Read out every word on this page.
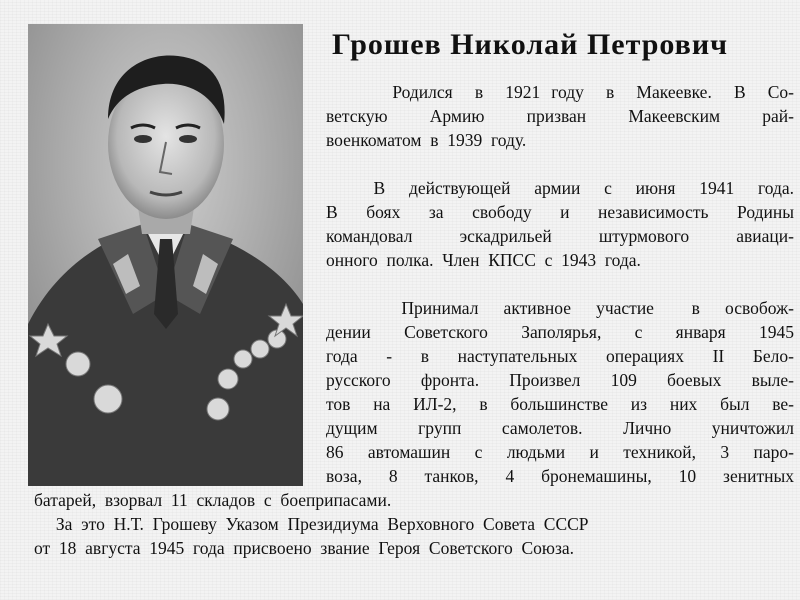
Грошев Николай Петрович

Родился  в  1921 году  в  Макеевке.  В  Со-
ветскую  Армию  призван  Макеевским  рай-
военкоматом  в  1939  году.

В  действующей  армии  с  июня  1941  года.
В  боях  за  свободу  и  независимость  Родины
командовал  эскадрильей  штурмового  авиаци-
онного  полка.  Член  КПСС  с  1943  года.

Принимал  активное  участие   в  освобож-
дении  Советского  Заполярья,  с  января  1945
года  -  в  наступательных  операциях  II  Бело-
русского  фронта.  Произвел  109  боевых  выле-
тов  на  ИЛ-2,  в  большинстве  из  них  был  ве-
дущим  групп  самолетов.  Лично  уничтожил
86  автомашин  с  людьми  и  техникой,  3  паро-
воза,  8  танков,  4  бронемашины,  10  зенитных

батарей,  взорвал  11  складов  с  боеприпасами.
За  это  Н.Т.  Грошеву  Указом  Президиума  Верховного  Совета  СССР
от  18  августа  1945  года  присвоено  звание  Героя  Советского  Союза.
